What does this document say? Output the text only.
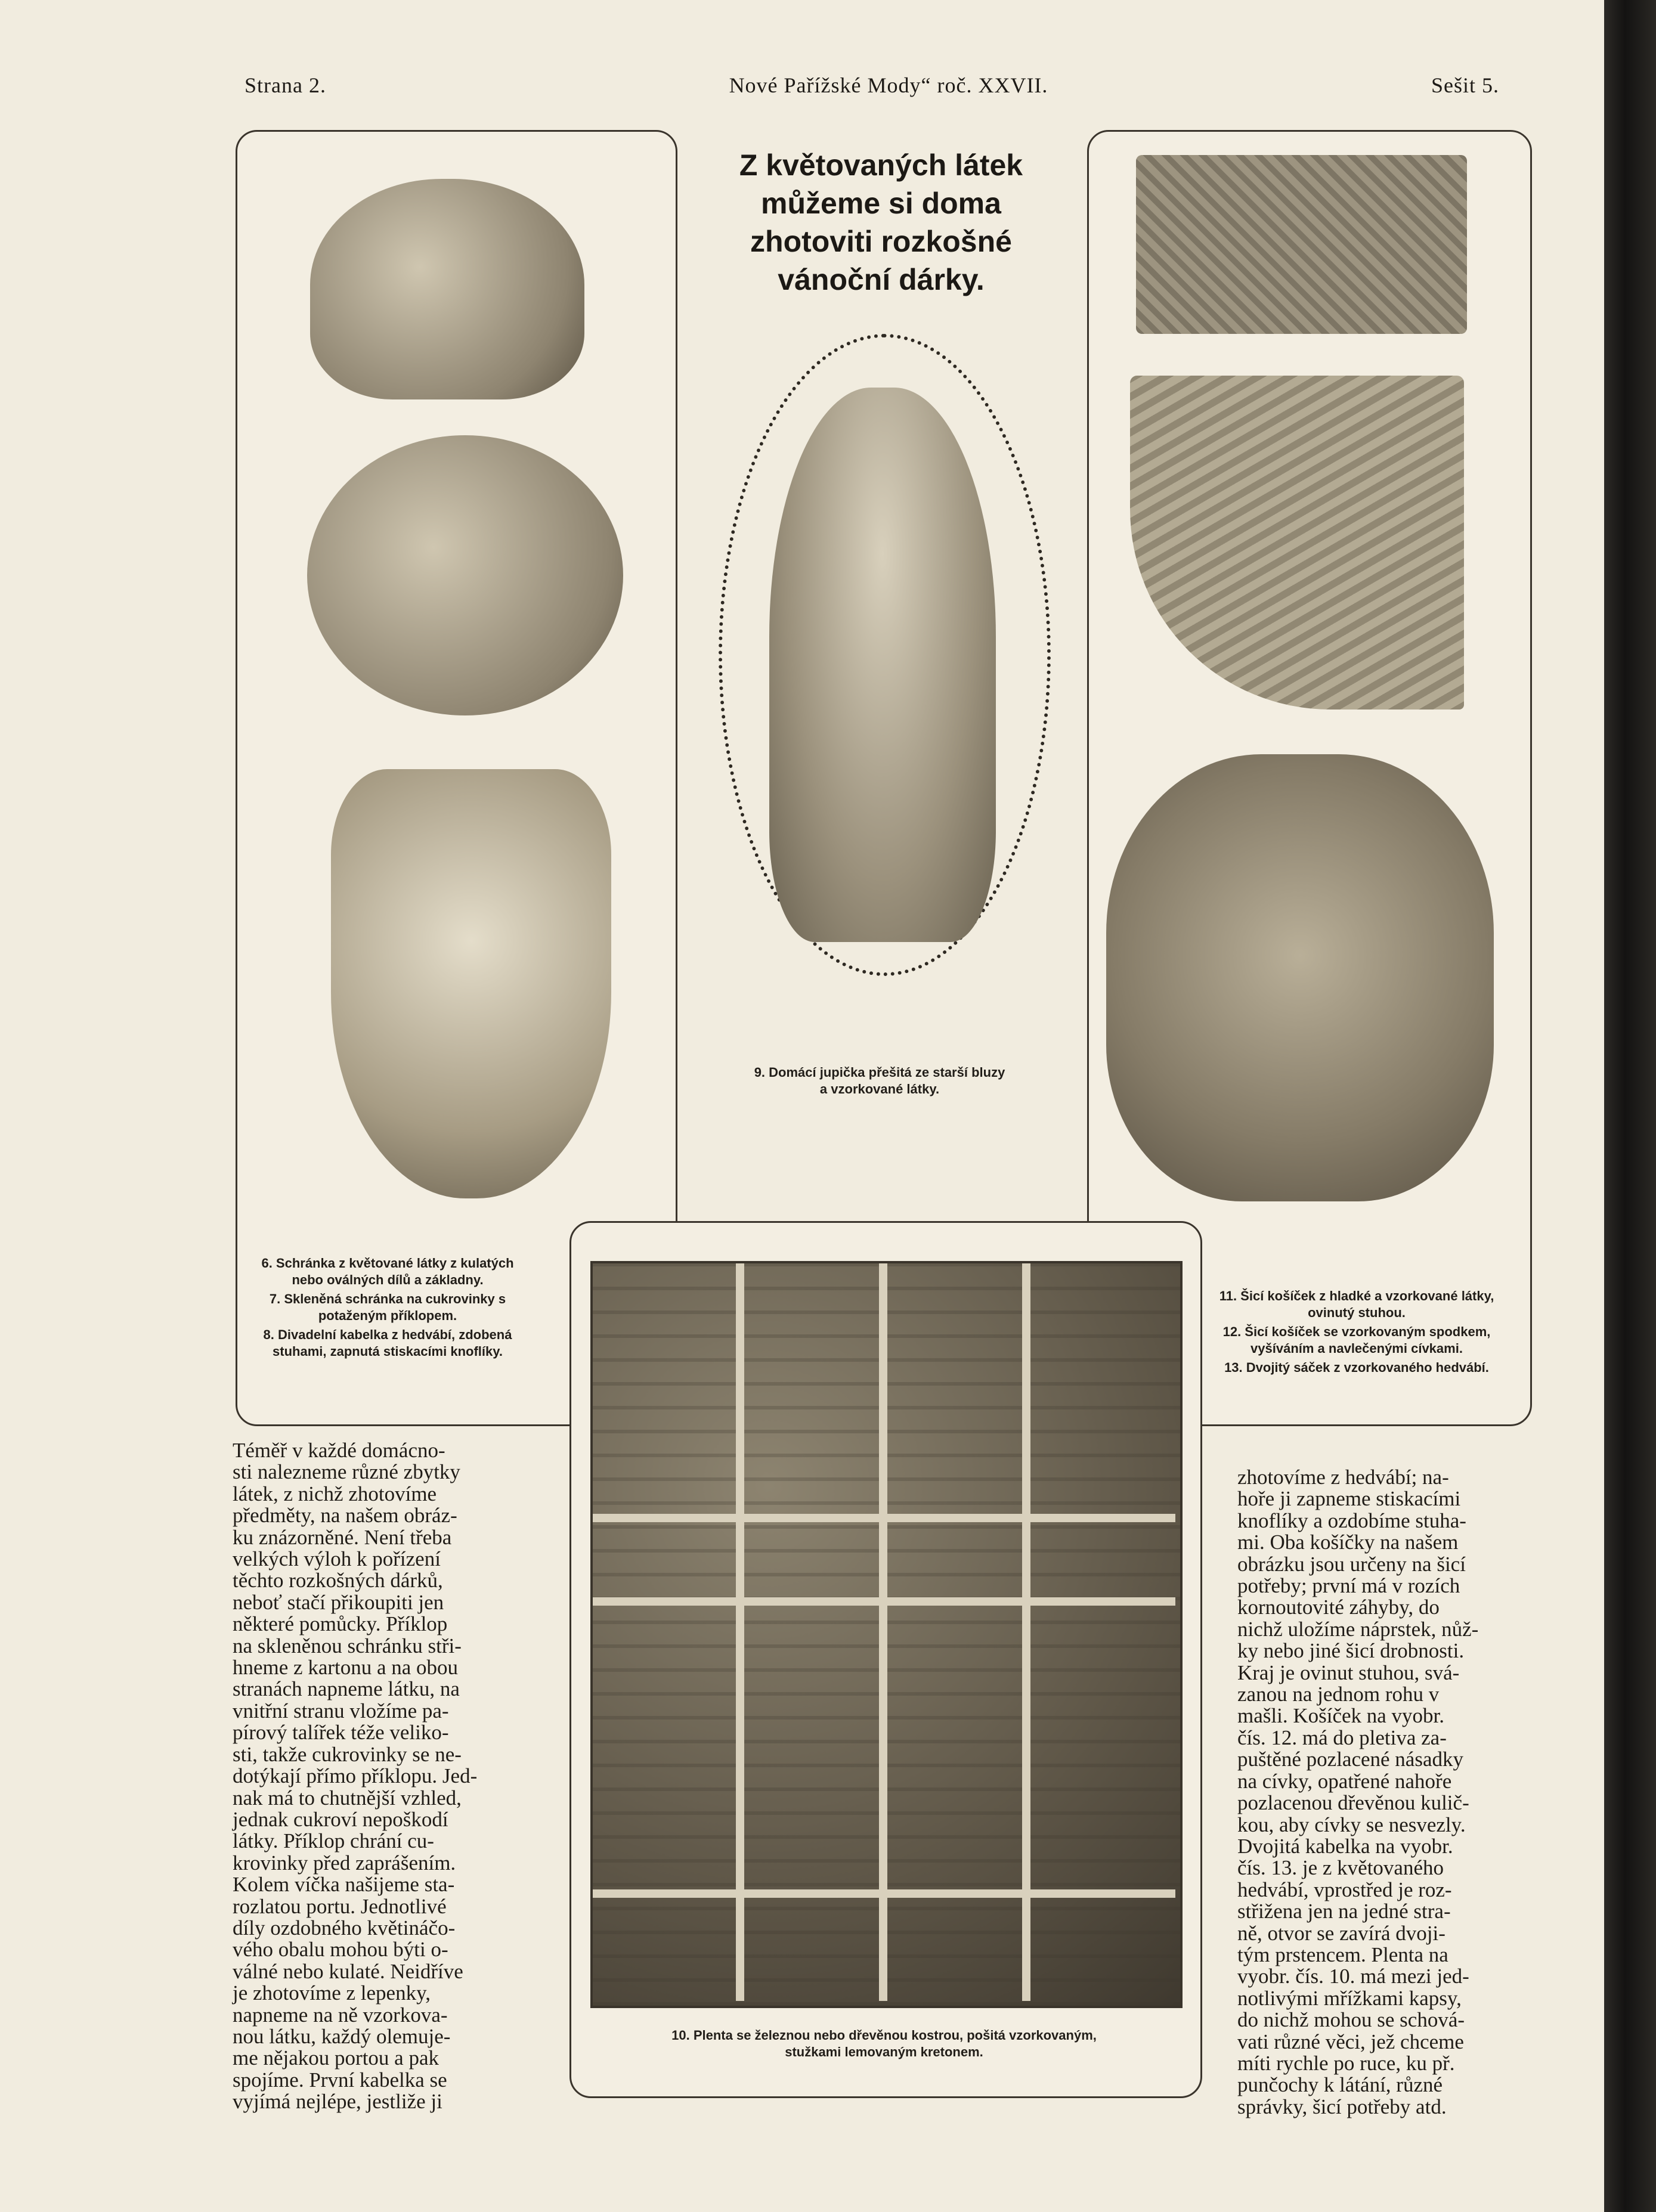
Strana 2.	Nové Pařížské Mody“ roč. XXVII.	Sešit 5.
Z květovaných látek
můžeme si doma
zhotoviti rozkošné
vánoční dárky.

6. Schránka z květované látky z kulatých nebo oválných dílů a základny.

7. Skleněná schránka na cukrovinky s potaženým příklopem.

8. Divadelní kabelka z hedvábí, zdobená stuhami, zapnutá stiskacími knoflíky.

9. Domácí jupička přešitá ze starší bluzy
a vzorkované látky.

11. Šicí košíček z hladké a vzorkované látky, ovinutý stuhou.

12. Šicí košíček se vzorkovaným spodkem, vyšíváním a navlečenými cívkami.

13. Dvojitý sáček z vzorkovaného hedvábí.

10. Plenta se železnou nebo dřevěnou kostrou, pošitá vzorkovaným,
stužkami lemovaným kretonem.

Téměř v každé domácno-

sti nalezneme různé zbytky

látek, z nichž zhotovíme

předměty, na našem obráz-

ku znázorněné. Není třeba

velkých výloh k pořízení

těchto rozkošných dárků,

neboť stačí přikoupiti jen

některé pomůcky. Příklop

na skleněnou schránku stři-

hneme z kartonu a na obou

stranách napneme látku, na

vnitřní stranu vložíme pa-

pírový talířek téže veliko-

sti, takže cukrovinky se ne-

dotýkají přímo příklopu. Jed-

nak má to chutnější vzhled,

jednak cukroví nepoškodí

látky. Příklop chrání cu-

krovinky před zaprášením.

Kolem víčka našijeme sta-

rozlatou portu. Jednotlivé

díly ozdobného květináčo-

vého obalu mohou býti o-

válné nebo kulaté. Neidříve

je zhotovíme z lepenky,

napneme na ně vzorkova-

nou látku, každý olemuje-

me nějakou portou a pak

spojíme. První kabelka se

vyjímá nejlépe, jestliže ji

zhotovíme z hedvábí; na-

hoře ji zapneme stiskacími

knoflíky a ozdobíme stuha-

mi. Oba košíčky na našem

obrázku jsou určeny na šicí

potřeby; první má v rozích

kornoutovité záhyby, do

nichž uložíme náprstek, nůž-

ky nebo jiné šicí drobnosti.

Kraj je ovinut stuhou, svá-

zanou na jednom rohu v

mašli. Košíček na vyobr.

čís. 12. má do pletiva za-

puštěné pozlacené násadky

na cívky, opatřené nahoře

pozlacenou dřevěnou kulič-

kou, aby cívky se nesvezly.

Dvojitá kabelka na vyobr.

čís. 13. je z květovaného

hedvábí, vprostřed je roz-

střižena jen na jedné stra-

ně, otvor se zavírá dvoji-

tým prstencem. Plenta na

vyobr. čís. 10. má mezi jed-

notlivými mřížkami kapsy,

do nichž mohou se schová-

vati různé věci, jež chceme

míti rychle po ruce, ku př.

punčochy k látání, různé

správky, šicí potřeby atd.
